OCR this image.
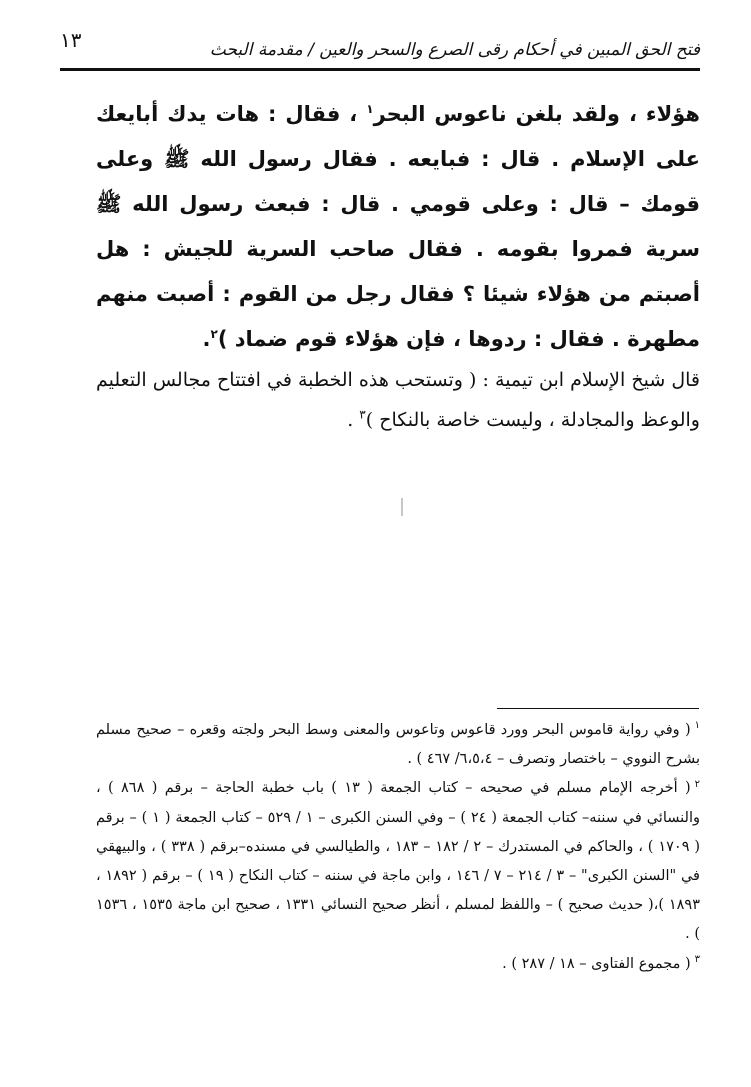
١٣	فتح الحق المبين في أحكام رقى الصرع والسحر والعين / مقدمة البحث

هؤلاء ، ولقد بلغن ناعوس البحر$^١$ ، فقال : هات يدك أبايعك على الإسلام . قال : فبايعه . فقال رسول الله ﷺ وعلى قومك – قال : وعلى قومي . قال : فبعث رسول الله ﷺ سرية فمروا بقومه . فقال صاحب السرية للجيش : هل أصبتم من هؤلاء شيئا ؟ فقال رجل من القوم : أصبت منهم مطهرة . فقال : ردوها ، فإن هؤلاء قوم ضماد )$^٢$.

قال شيخ الإسلام ابن تيمية : ( وتستحب هذه الخطبة في افتتاح مجالس التعليم والوعظ والمجادلة ، وليست خاصة بالنكاح )$^٣$ .

$^١$( وفي رواية قاموس البحر وورد قاعوس وتاعوس والمعنى وسط البحر ولجته وقعره – صحيح مسلم بشرح النووي – باختصار وتصرف – ٦،٥،٤/ ٤٦٧ ) .

$^٢$( أخرجه الإمام مسلم في صحيحه – كتاب الجمعة ( ١٣ ) باب خطبة الحاجة – برقم ( ٨٦٨ ) ، والنسائي في سننه– كتاب الجمعة ( ٢٤ ) – وفي السنن الكبرى – ١ / ٥٢٩ – كتاب الجمعة ( ١ ) – برقم ( ١٧٠٩ ) ، والحاكم في المستدرك – ٢ / ١٨٢ – ١٨٣ ، والطيالسي في مسنده–برقم ( ٣٣٨ ) ، والبيهقي في "السنن الكبرى" – ٣ / ٢١٤ – ٧ / ١٤٦ ، وابن ماجة في سننه – كتاب النكاح ( ١٩ ) – برقم ( ١٨٩٢ ، ١٨٩٣ )،( حديث صحيح ) – واللفظ لمسلم ، أنظر صحيح النسائي ١٣٣١ ، صحيح ابن ماجة ١٥٣٥ ، ١٥٣٦ ) .

$^٣$( مجموع الفتاوى – ١٨ / ٢٨٧ ) .
